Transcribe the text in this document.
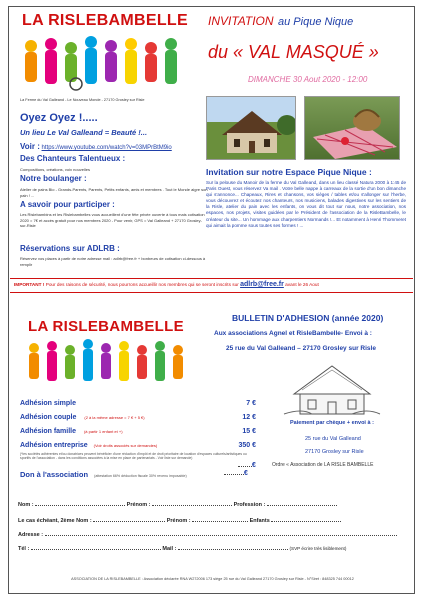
LA RISLEBAMBELLE
La Ferme du Val Galleand - Le Nouveau Monde - 27170 Grosley sur Risle
INVITATION au Pique Nique
du « VAL MASQUÉ »
DIMANCHE 30 Aout 2020 - 12:00
Oyez Oyez !.....
Un lieu Le Val Galleand = Beauté !...
Voir : https://www.youtube.com/watch?v=03MPrBtM9io
Des Chanteurs Talentueux :
Compositions, créations, voix nouvelles
Notre boulanger :
Atelier de pains Bio - Grands-Parents, Parents, Petits enfants, amis et membres . Tout le Monde aigre son pain ! ...
A savoir pour participer :
Les Rislebambins et les Rislebambelles vous accueillent d'une fête privée ouverte à tous mais cotisation 2020 = 7€ et accès gratuit pour nos membres 2020 - Pour venir, GPS = Val Galleand + 27170 Grosley-sur-Risle
Réservations sur ADLRB :
Réservez vos places à partir de notre adresse mail : adlrb@free.fr + bonbeurs de cotisation ci-dessous à remplir
Invitation sur notre Espace Pique Nique :
Sur la pelouse du Manoir de la ferme du Val Galleand, dans un lieu classé Natura 2000 à 1:45 de Paris Ouest, vous réservez Va mail . Votre belle nappe à carreaux de la sortie d'un bon dimanche qui s'annonce... Chapeaux, Rires et chansons, vos sièges / tables et/ou s'allonger sur l'herbe, vous découvrez et écoutez nos chanteurs, nos musiciens, balades digestives sur les sentiers de la Risle, atelier du pain avec les enfants, on vous dit tout sur nous, notre association, nos espaces, nos projets, visites guidées par le Président de l'association de la RisleBambelle, le créateur du site... Un hommage aux charpentiers Normands !... Et notamment à Henri Thommeret qui aimait la pomme sous toutes ses formes ! ...
IMPORTANT ! Pour des raisons de sécurité, nous pourrons accueillir nos membres qui se seront inscrits sur adlrb@free.fr avant le 26 Aout
LA RISLEBAMBELLE	BULLETIN D'ADHESION (année 2020)
Aux associations Agnel et RisleBambelle- Envoi à :
25 rue du Val Galleand – 27170 Grosley sur Risle
Adhésion simple	7 €
Adhésion couple (2 à la même adresse = 7 € + 5 €)	12 €
Adhésion famille (à partir 1 enfant et +)	15 €
Adhésion entreprise (Voir droits associés sur demandes)	350 €
(*les sociétés adhérentes et/ou donatrices peuvent bénéficier d'une réduction d'impôt et de droit prioritaire de location d'espaces culturels/artistiques ou sportifs de l'association - dans les conditions associées à la mise en place de partenariats - Voir liste sur demande)
Don à l'association (attestation 66% déduction fiscale 30% revenu imposable)	€
€
Paiement par chèque + envoi à :
25 rue du Val Galleand
27170 Grosley sur Risle
Ordre « Association de LA RISLE BAMBELLE
Nom :	Prénom :	Profession :
Le cas échéant, 2ème Nom :	Prénom :	Enfants
Adresse :
Tél :	Mail :	(SVP écrire très lisiblement)
ASSOCIATION DE LA RISLEBAMBELLE : Association déclarée RNA W272006 173 siège 25 rue du Val Galleand 27170 Grosley sur Risle - N°Siret : 848325 744 00012
